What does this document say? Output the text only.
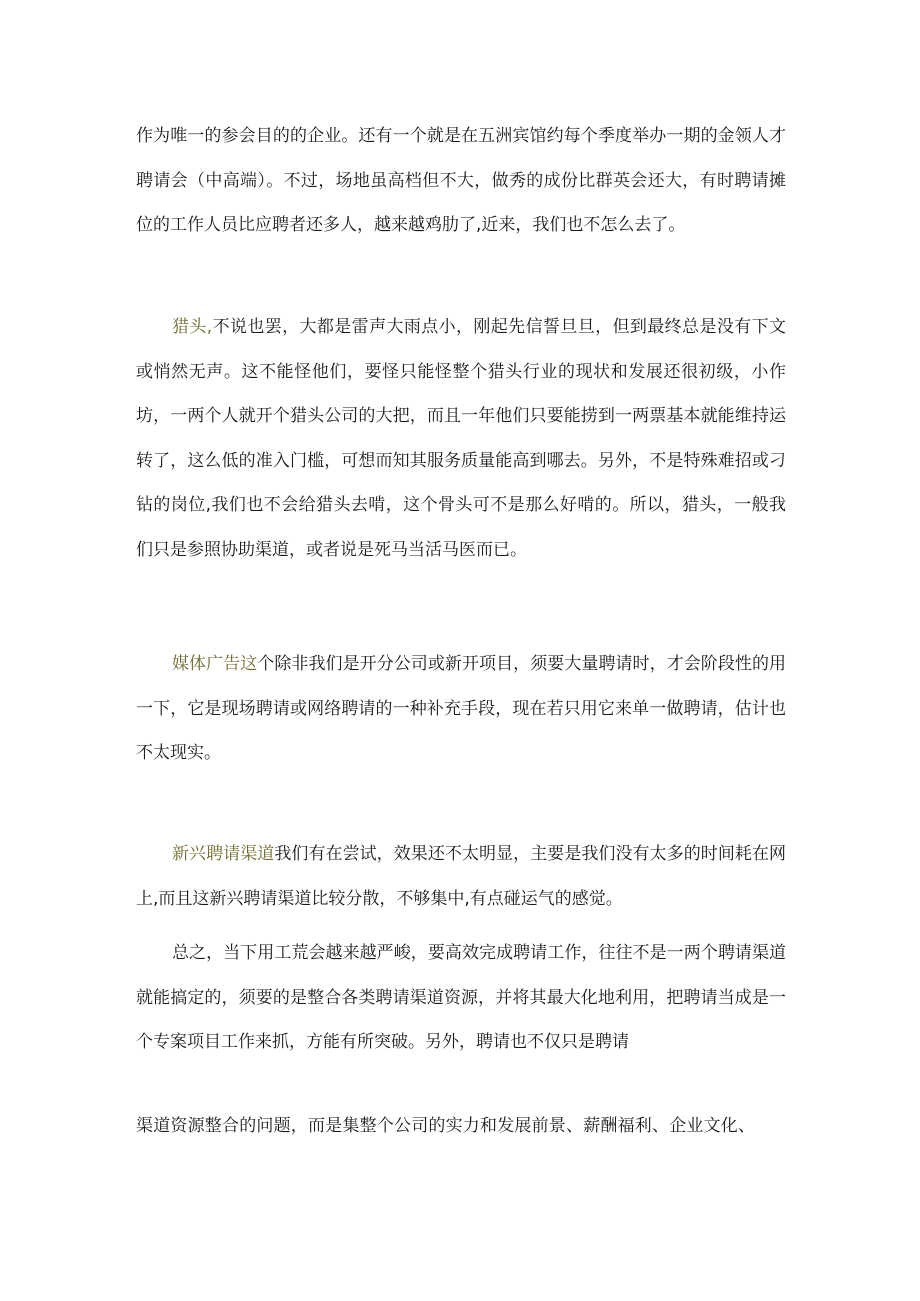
作为唯一的参会目的的企业。还有一个就是在五洲宾馆约每个季度举办一期的金领人才聘请会（中高端）。不过，场地虽高档但不大，做秀的成份比群英会还大，有时聘请摊位的工作人员比应聘者还多人，越来越鸡肋了,近来，我们也不怎么去了。

猎头,不说也罢，大都是雷声大雨点小，刚起先信誓旦旦，但到最终总是没有下文或悄然无声。这不能怪他们，要怪只能怪整个猎头行业的现状和发展还很初级，小作坊，一两个人就开个猎头公司的大把，而且一年他们只要能捞到一两票基本就能维持运转了，这么低的准入门槛，可想而知其服务质量能高到哪去。另外，不是特殊难招或刁钻的岗位,我们也不会给猎头去啃，这个骨头可不是那么好啃的。所以，猎头，一般我们只是参照协助渠道，或者说是死马当活马医而已。

媒体广告这个除非我们是开分公司或新开项目，须要大量聘请时，才会阶段性的用一下，它是现场聘请或网络聘请的一种补充手段，现在若只用它来单一做聘请，估计也不太现实。

新兴聘请渠道我们有在尝试，效果还不太明显，主要是我们没有太多的时间耗在网上,而且这新兴聘请渠道比较分散，不够集中,有点碰运气的感觉。

总之，当下用工荒会越来越严峻，要高效完成聘请工作，往往不是一两个聘请渠道就能搞定的，须要的是整合各类聘请渠道资源，并将其最大化地利用，把聘请当成是一个专案项目工作来抓，方能有所突破。另外，聘请也不仅只是聘请

渠道资源整合的问题，而是集整个公司的实力和发展前景、薪酬福利、企业文化、
